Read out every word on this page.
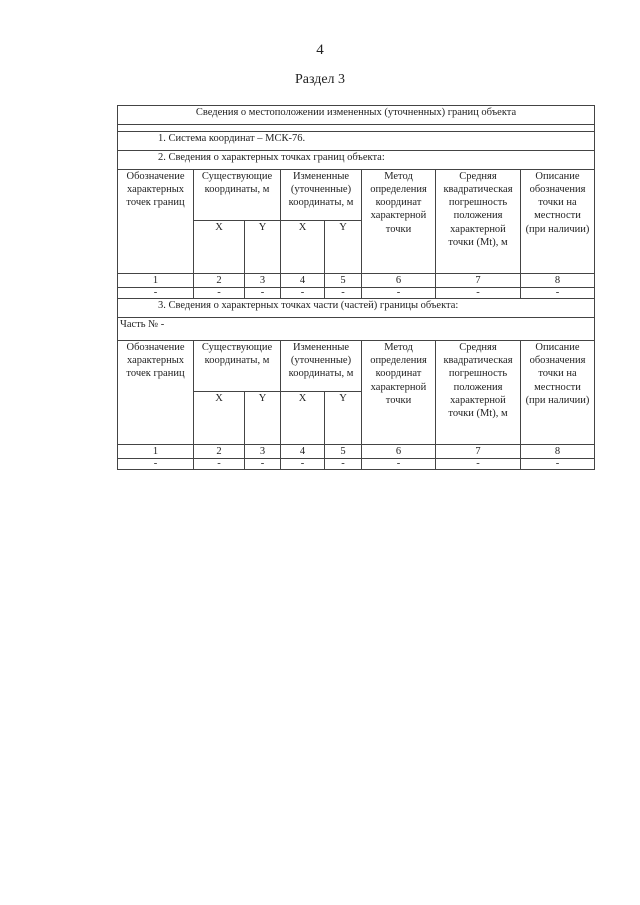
4
Раздел 3
Сведения о местоположении измененных (уточненных) границ объекта							

1. Система координат – МСК-76.							
2. Сведения о характерных точках границ объекта:							
Обозначение характерных точек границ	Существующие координаты, м		Измененные (уточненные) координаты, м		Метод определения координат характерной точки	Средняя квадратическая погрешность положения характерной точки (Mt), м	Описание обозначения точки на местности (при наличии)
	X	Y	X	Y			
1	2	3	4	5	6	7	8
-	-	-	-	-	-	-	-
3. Сведения о характерных точках части (частей) границы объекта:							
Часть № -							
Обозначение характерных точек границ	Существующие координаты, м		Измененные (уточненные) координаты, м		Метод определения координат характерной точки	Средняя квадратическая погрешность положения характерной точки (Mt), м	Описание обозначения точки на местности (при наличии)
	X	Y	X	Y			
1	2	3	4	5	6	7	8
-	-	-	-	-	-	-	-
